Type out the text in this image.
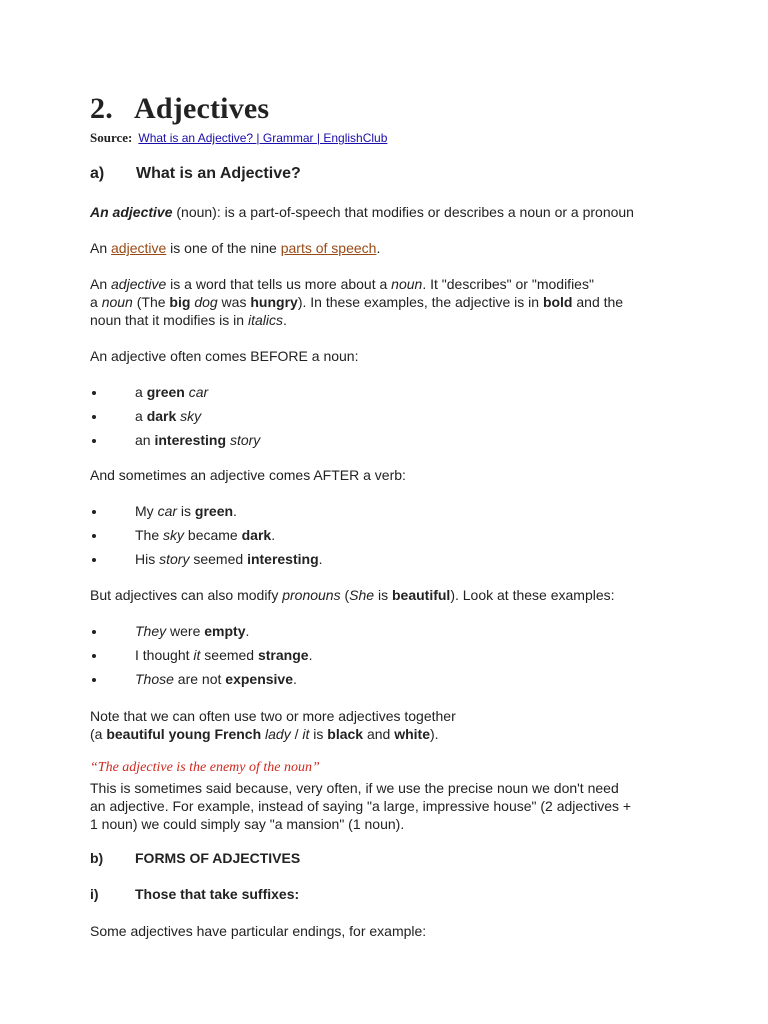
2. Adjectives
Source: What is an Adjective? | Grammar | EnglishClub
a) What is an Adjective?
An adjective (noun): is a part-of-speech that modifies or describes a noun or a pronoun
An adjective is one of the nine parts of speech.
An adjective is a word that tells us more about a noun. It "describes" or "modifies"
a noun (The big dog was hungry). In these examples, the adjective is in bold and the
noun that it modifies is in italics.
An adjective often comes BEFORE a noun:
a green car
a dark sky
an interesting story
And sometimes an adjective comes AFTER a verb:
My car is green.
The sky became dark.
His story seemed interesting.
But adjectives can also modify pronouns (She is beautiful). Look at these examples:
They were empty.
I thought it seemed strange.
Those are not expensive.
Note that we can often use two or more adjectives together
(a beautiful young French lady / it is black and white).
“The adjective is the enemy of the noun”
This is sometimes said because, very often, if we use the precise noun we don't need
an adjective. For example, instead of saying "a large, impressive house" (2 adjectives +
1 noun) we could simply say "a mansion" (1 noun).
b) FORMS OF ADJECTIVES
i)	Those that take suffixes:
Some adjectives have particular endings, for example:
